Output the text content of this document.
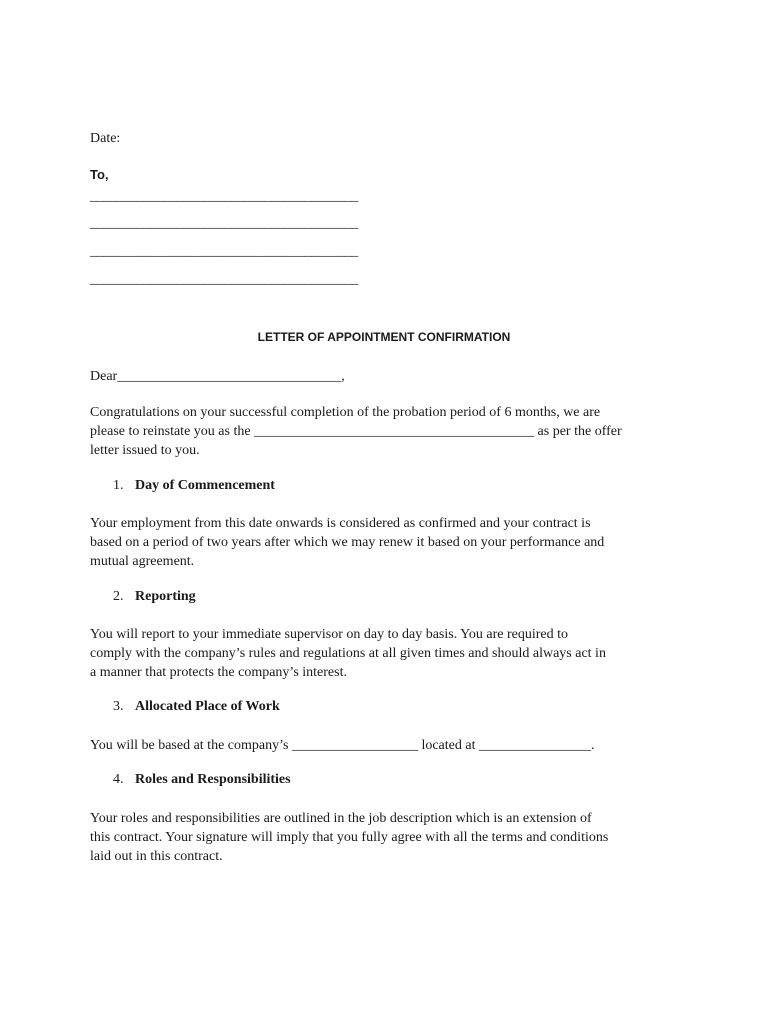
Date:
To,
________________________________________
________________________________________
________________________________________
________________________________________
LETTER OF APPOINTMENT CONFIRMATION
Dear________________________________,

Congratulations on your successful completion of the probation period of 6 months, we are

please to reinstate you as the ________________________________________ as per the offer

letter issued to you.

1. Day of Commencement

Your employment from this date onwards is considered as confirmed and your contract is

based on a period of two years after which we may renew it based on your performance and

mutual agreement.

2. Reporting

You will report to your immediate supervisor on day to day basis. You are required to

comply with the company’s rules and regulations at all given times and should always act in

a manner that protects the company’s interest.

3. Allocated Place of Work

You will be based at the company’s __________________ located at ________________.

4. Roles and Responsibilities

Your roles and responsibilities are outlined in the job description which is an extension of

this contract. Your signature will imply that you fully agree with all the terms and conditions

laid out in this contract.
